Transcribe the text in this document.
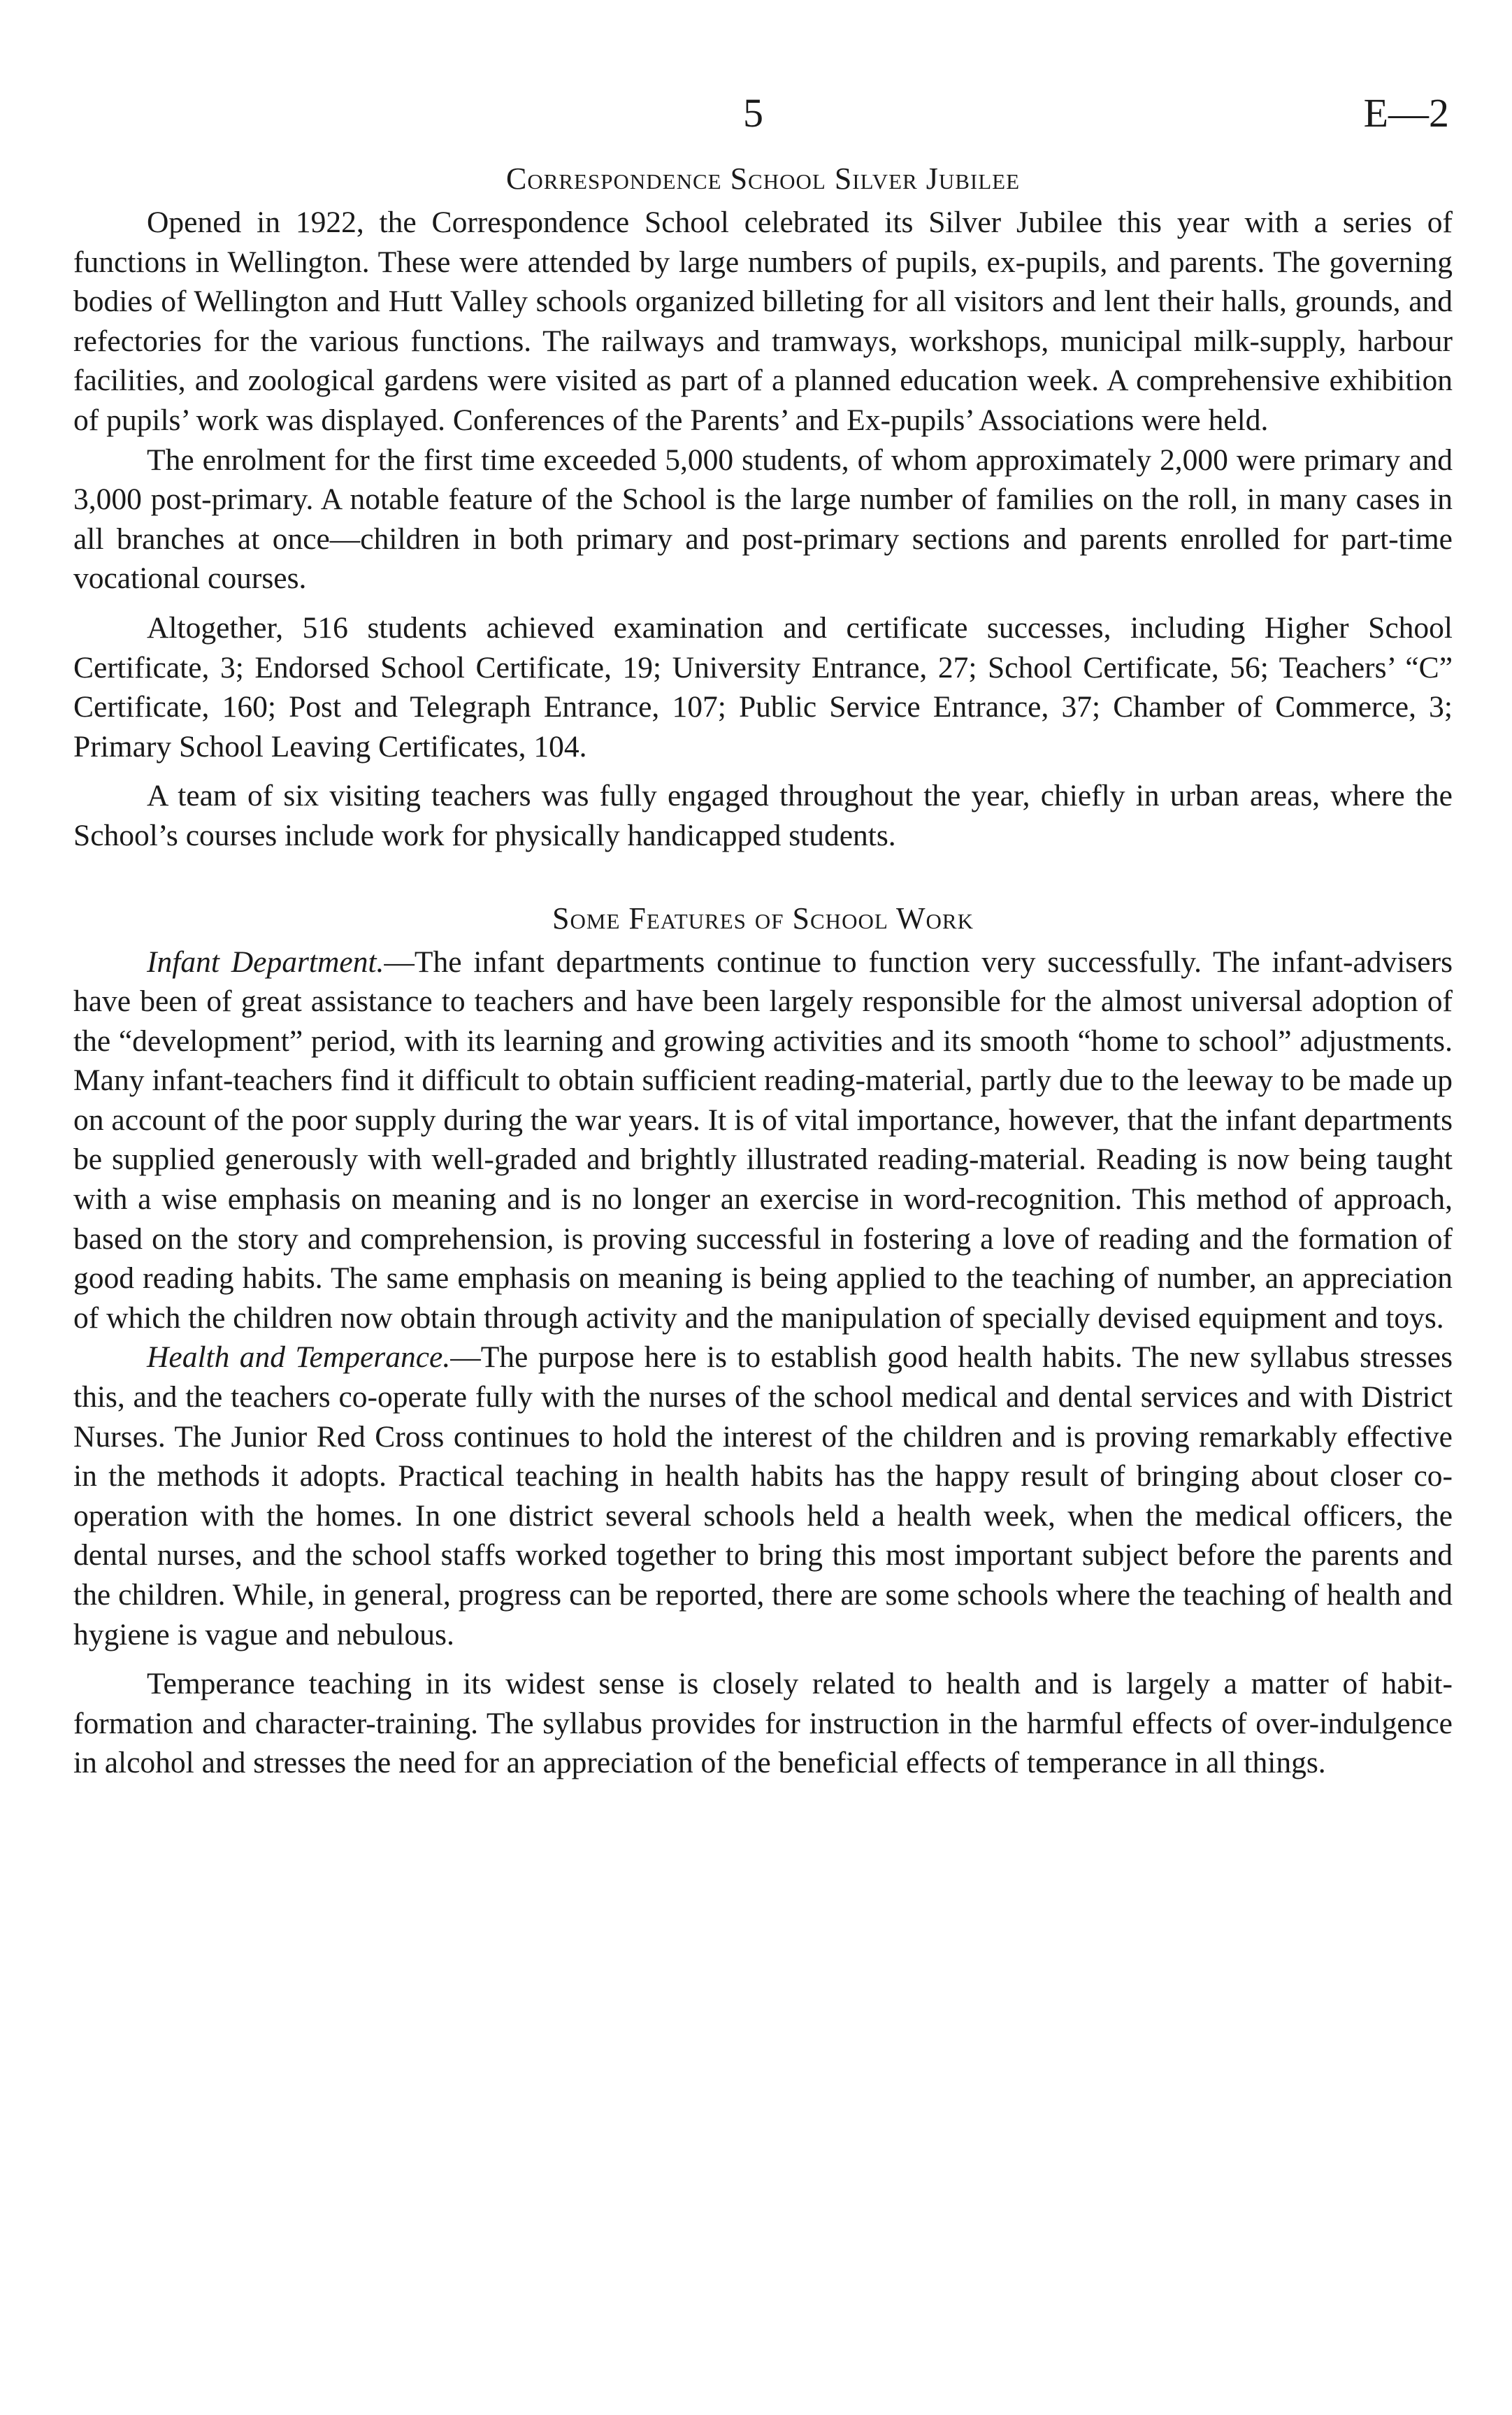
5	E—2
Correspondence School Silver Jubilee

Opened in 1922, the Correspondence School celebrated its Silver Jubilee this year with a series of functions in Wellington. These were attended by large numbers of pupils, ex-pupils, and parents. The governing bodies of Wellington and Hutt Valley schools organized billeting for all visitors and lent their halls, grounds, and refectories for the various functions. The railways and tramways, workshops, municipal milk-supply, harbour facilities, and zoological gardens were visited as part of a planned education week. A comprehensive exhibition of pupils’ work was displayed. Conferences of the Parents’ and Ex-pupils’ Associations were held.

The enrolment for the first time exceeded 5,000 students, of whom approximately 2,000 were primary and 3,000 post-primary. A notable feature of the School is the large number of families on the roll, in many cases in all branches at once—children in both primary and post-primary sections and parents enrolled for part-time vocational courses.

Altogether, 516 students achieved examination and certificate successes, including Higher School Certificate, 3; Endorsed School Certificate, 19; University Entrance, 27; School Certificate, 56; Teachers’ “C” Certificate, 160; Post and Telegraph Entrance, 107; Public Service Entrance, 37; Chamber of Commerce, 3; Primary School Leaving Certificates, 104.

A team of six visiting teachers was fully engaged throughout the year, chiefly in urban areas, where the School’s courses include work for physically handicapped students.

Some Features of School Work

Infant Department.—The infant departments continue to function very successfully. The infant-advisers have been of great assistance to teachers and have been largely responsible for the almost universal adoption of the “development” period, with its learning and growing activities and its smooth “home to school” adjustments. Many infant-teachers find it difficult to obtain sufficient reading-material, partly due to the leeway to be made up on account of the poor supply during the war years. It is of vital importance, however, that the infant departments be supplied generously with well-graded and brightly illustrated reading-material. Reading is now being taught with a wise emphasis on meaning and is no longer an exercise in word-recognition. This method of approach, based on the story and comprehension, is proving successful in fostering a love of reading and the formation of good reading habits. The same emphasis on meaning is being applied to the teaching of number, an appreciation of which the children now obtain through activity and the manipulation of specially devised equipment and toys.

Health and Temperance.—The purpose here is to establish good health habits. The new syllabus stresses this, and the teachers co-operate fully with the nurses of the school medical and dental services and with District Nurses. The Junior Red Cross continues to hold the interest of the children and is proving remarkably effective in the methods it adopts. Practical teaching in health habits has the happy result of bringing about closer co-operation with the homes. In one district several schools held a health week, when the medical officers, the dental nurses, and the school staffs worked together to bring this most important subject before the parents and the children. While, in general, progress can be reported, there are some schools where the teaching of health and hygiene is vague and nebulous.

Temperance teaching in its widest sense is closely related to health and is largely a matter of habit-formation and character-training. The syllabus provides for instruction in the harmful effects of over-indulgence in alcohol and stresses the need for an appreciation of the beneficial effects of temperance in all things.
